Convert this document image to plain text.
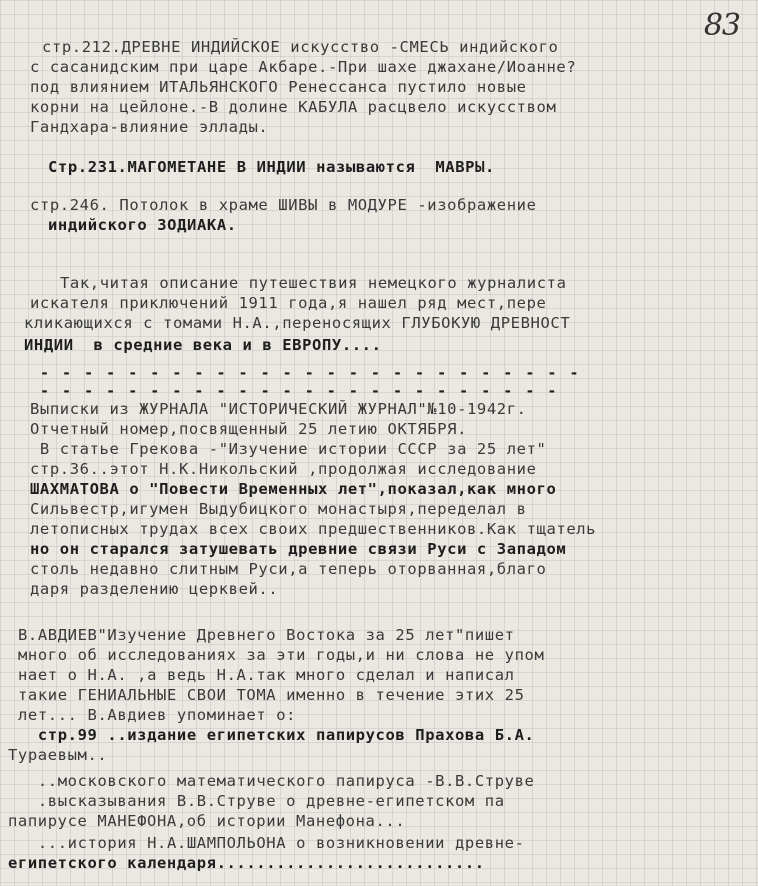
83
стр.212.ДРЕВНЕ ИНДИЙСКОЕ искусство -СМЕСЬ индийского
с сасанидским при царе Акбаре.-При шахе джахане/Иоанне?
под влиянием ИТАЛЬЯНСКОГО Ренессанса пустило новые
корни на цейлоне.-В долине КАБУЛА расцвело искусством
Гандхара-влияние эллады.
Стр.231.МАГОМЕТАНЕ В ИНДИИ называются  МАВРЫ.
стр.246. Потолок в храме ШИВЫ в МОДУРЕ -изображение
индийского ЗОДИАКА.
Так,читая описание путешествия немецкого журналиста
искателя приключений 1911 года,я нашел ряд мест,пере
кликающихся с томами Н.А.,переносящих ГЛУБОКУЮ ДРЕВНОСТ
ИНДИИ  в средние века и в ЕВРОПУ....
- - - - - - - - - - - - - - - - - - - - - - - - -
- - - - - - - - - - - - - - - - - - - - - - - -
Выписки из ЖУРНАЛА "ИСТОРИЧЕСКИЙ ЖУРНАЛ"№10-1942г.
Отчетный номер,посвященный 25 летию ОКТЯБРЯ.
В статье Грекова -"Изучение истории СССР за 25 лет"
стр.36..этот Н.К.Никольский ,продолжая исследование
ШАХМАТОВА о "Повести Временных лет",показал,как много
Сильвестр,игумен Выдубицкого монастыря,переделал в
летописных трудах всех своих предшественников.Как тщатель
но он старался затушевать древние связи Руси с Западом
столь недавно слитным Руси,а теперь оторванная,благо
даря разделению церквей..
В.АВДИЕВ"Изучение Древнего Востока за 25 лет"пишет
много об исследованиях за эти годы,и ни слова не упом
нает о Н.А. ,а ведь Н.А.так много сделал и написал
такие ГЕНИАЛЬНЫЕ СВОИ ТОМА именно в течение этих 25
лет... В.Авдиев упоминает о:
стр.99 ..издание египетских папирусов Прахова Б.А.
Тураевым..
..московского математического папируса -В.В.Струве
.высказывания В.В.Струве о древне-египетском па
папирусе МАНЕФОНА,об истории Манефона...
...история Н.А.ШАМПОЛЬОНА о возникновении древне-
египетского календаря...........................
